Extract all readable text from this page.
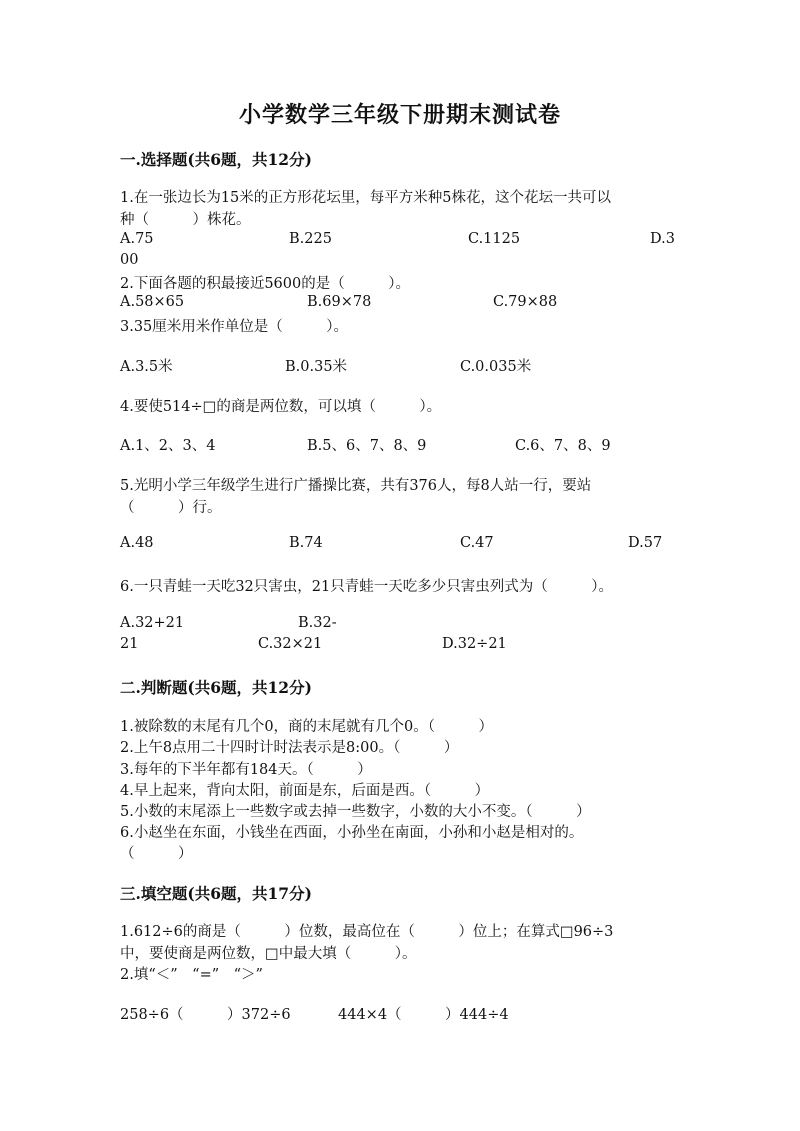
小学数学三年级下册期末测试卷
一.选择题(共6题，共12分)
1.在一张边长为15米的正方形花坛里，每平方米种5株花，这个花坛一共可以
种（　　　）株花。
A.75	B.225	C.1125	D.3
00
2.下面各题的积最接近5600的是（　　　）。
A.58×65	B.69×78	C.79×88
3.35厘米用米作单位是（　　　）。
A.3.5米	B.0.35米	C.0.035米
4.要使514÷□的商是两位数，可以填（　　　）。
A.1、2、3、4	B.5、6、7、8、9	C.6、7、8、9
5.光明小学三年级学生进行广播操比赛，共有376人，每8人站一行，要站
（　　　）行。
A.48	B.74	C.47	D.57
6.一只青蛙一天吃32只害虫，21只青蛙一天吃多少只害虫列式为（　　　）。
A.32+21	B.32-
21	C.32×21	D.32÷21
二.判断题(共6题，共12分)
1.被除数的末尾有几个0，商的末尾就有几个0。（　　　）
2.上午8点用二十四时计时法表示是8:00。（　　　）
3.每年的下半年都有184天。（　　　）
4.早上起来，背向太阳，前面是东，后面是西。（　　　）
5.小数的末尾添上一些数字或去掉一些数字，小数的大小不变。（　　　）
6.小赵坐在东面，小钱坐在西面，小孙坐在南面，小孙和小赵是相对的。
（　　　）
三.填空题(共6题，共17分)
1.612÷6的商是（　　　）位数，最高位在（　　　）位上；在算式□96÷3
中，要使商是两位数，□中最大填（　　　）。
2.填“＜”　“=”　“＞”
258÷6（　　　）372÷6	444×4（　　　）444÷4
